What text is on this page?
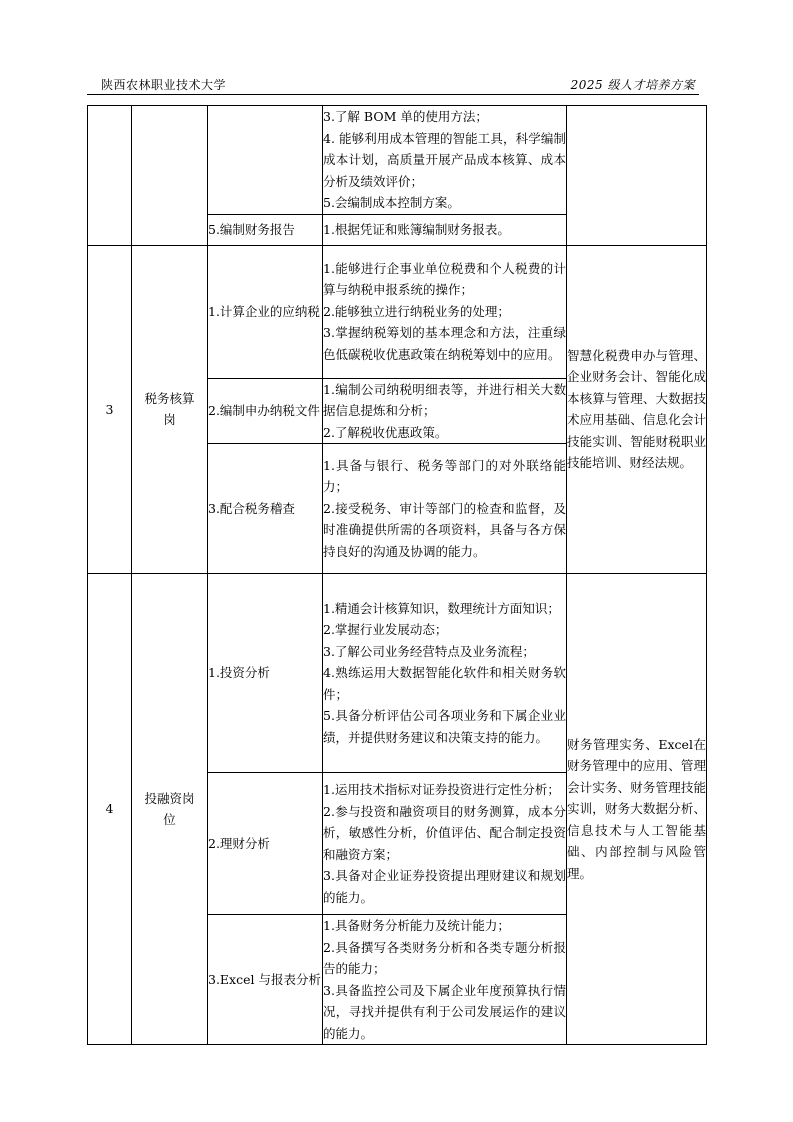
陕西农林职业技术大学	2025 级人才培养方案

			3.了解 BOM 单的使用方法；
4. 能够利用成本管理的智能工具，科学编制成本计划，高质量开展产品成本核算、成本分析及绩效评价；
5.会编制成本控制方案。	

		5.编制财务报告	1.根据凭证和账簿编制财务报表。	

3	税务核算岗	1.计算企业的应纳税	1.能够进行企事业单位税费和个人税费的计算与纳税申报系统的操作；
2.能够独立进行纳税业务的处理；
3.掌握纳税筹划的基本理念和方法，注重绿色低碳税收优惠政策在纳税筹划中的应用。	智慧化税费申办与管理、企业财务会计、智能化成本核算与管理、大数据技术应用基础、信息化会计技能实训、智能财税职业技能培训、财经法规。
		2.编制申办纳税文件	1.编制公司纳税明细表等，并进行相关大数据信息提炼和分析；
2.了解税收优惠政策。	

		3.配合税务稽查	1.具备与银行、税务等部门的对外联络能力；
2.接受税务、审计等部门的检查和监督，及时准确提供所需的各项资料，具备与各方保持良好的沟通及协调的能力。	

4	投融资岗位	1.投资分析	1.精通会计核算知识，数理统计方面知识；
2.掌握行业发展动态；
3.了解公司业务经营特点及业务流程；
4.熟练运用大数据智能化软件和相关财务软件；
5.具备分析评估公司各项业务和下属企业业绩，并提供财务建议和决策支持的能力。	财务管理实务、Excel在财务管理中的应用、管理会计实务、财务管理技能实训，财务大数据分析、信息技术与人工智能基础、内部控制与风险管理。
		2.理财分析	1.运用技术指标对证券投资进行定性分析；
2.参与投资和融资项目的财务测算，成本分析，敏感性分析，价值评估、配合制定投资和融资方案；
3.具备对企业证券投资提出理财建议和规划的能力。	

		3.Excel 与报表分析	1.具备财务分析能力及统计能力；
2.具备撰写各类财务分析和各类专题分析报告的能力；
3.具备监控公司及下属企业年度预算执行情况，寻找并提供有利于公司发展运作的建议的能力。	
